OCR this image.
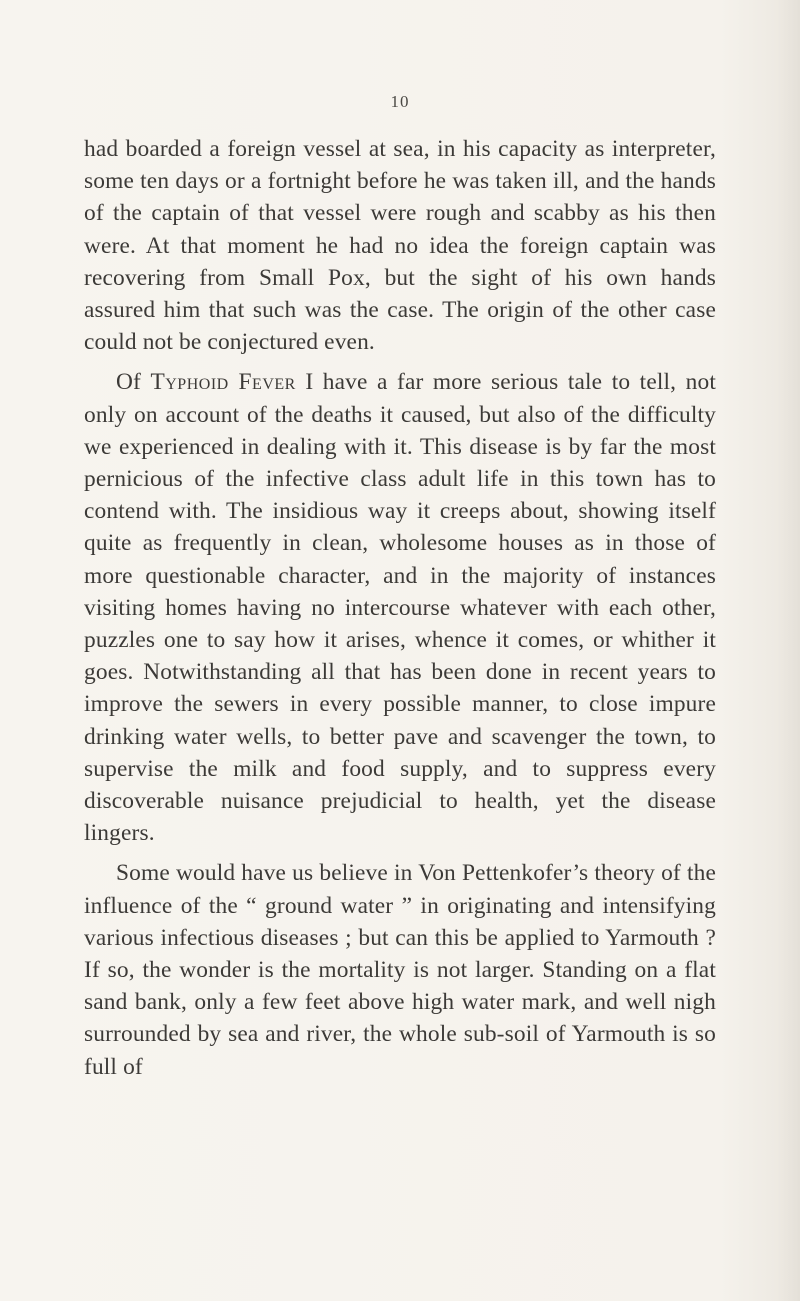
10

had boarded a foreign vessel at sea, in his capacity as interpreter, some ten days or a fortnight before he was taken ill, and the hands of the captain of that vessel were rough and scabby as his then were. At that moment he had no idea the foreign captain was recovering from Small Pox, but the sight of his own hands assured him that such was the case. The origin of the other case could not be conjectured even.

Of Typhoid Fever I have a far more serious tale to tell, not only on account of the deaths it caused, but also of the difficulty we experienced in dealing with it. This disease is by far the most pernicious of the infective class adult life in this town has to contend with. The insidious way it creeps about, showing itself quite as frequently in clean, wholesome houses as in those of more questionable character, and in the majority of instances visiting homes having no intercourse whatever with each other, puzzles one to say how it arises, whence it comes, or whither it goes. Notwithstanding all that has been done in recent years to improve the sewers in every possible manner, to close impure drinking water wells, to better pave and scavenger the town, to supervise the milk and food supply, and to suppress every discoverable nuisance prejudicial to health, yet the disease lingers.

Some would have us believe in Von Pettenkofer’s theory of the influence of the “ ground water ” in originating and intensifying various infectious diseases ; but can this be applied to Yarmouth ? If so, the wonder is the mortality is not larger. Standing on a flat sand bank, only a few feet above high water mark, and well nigh surrounded by sea and river, the whole sub-soil of Yarmouth is so full of
